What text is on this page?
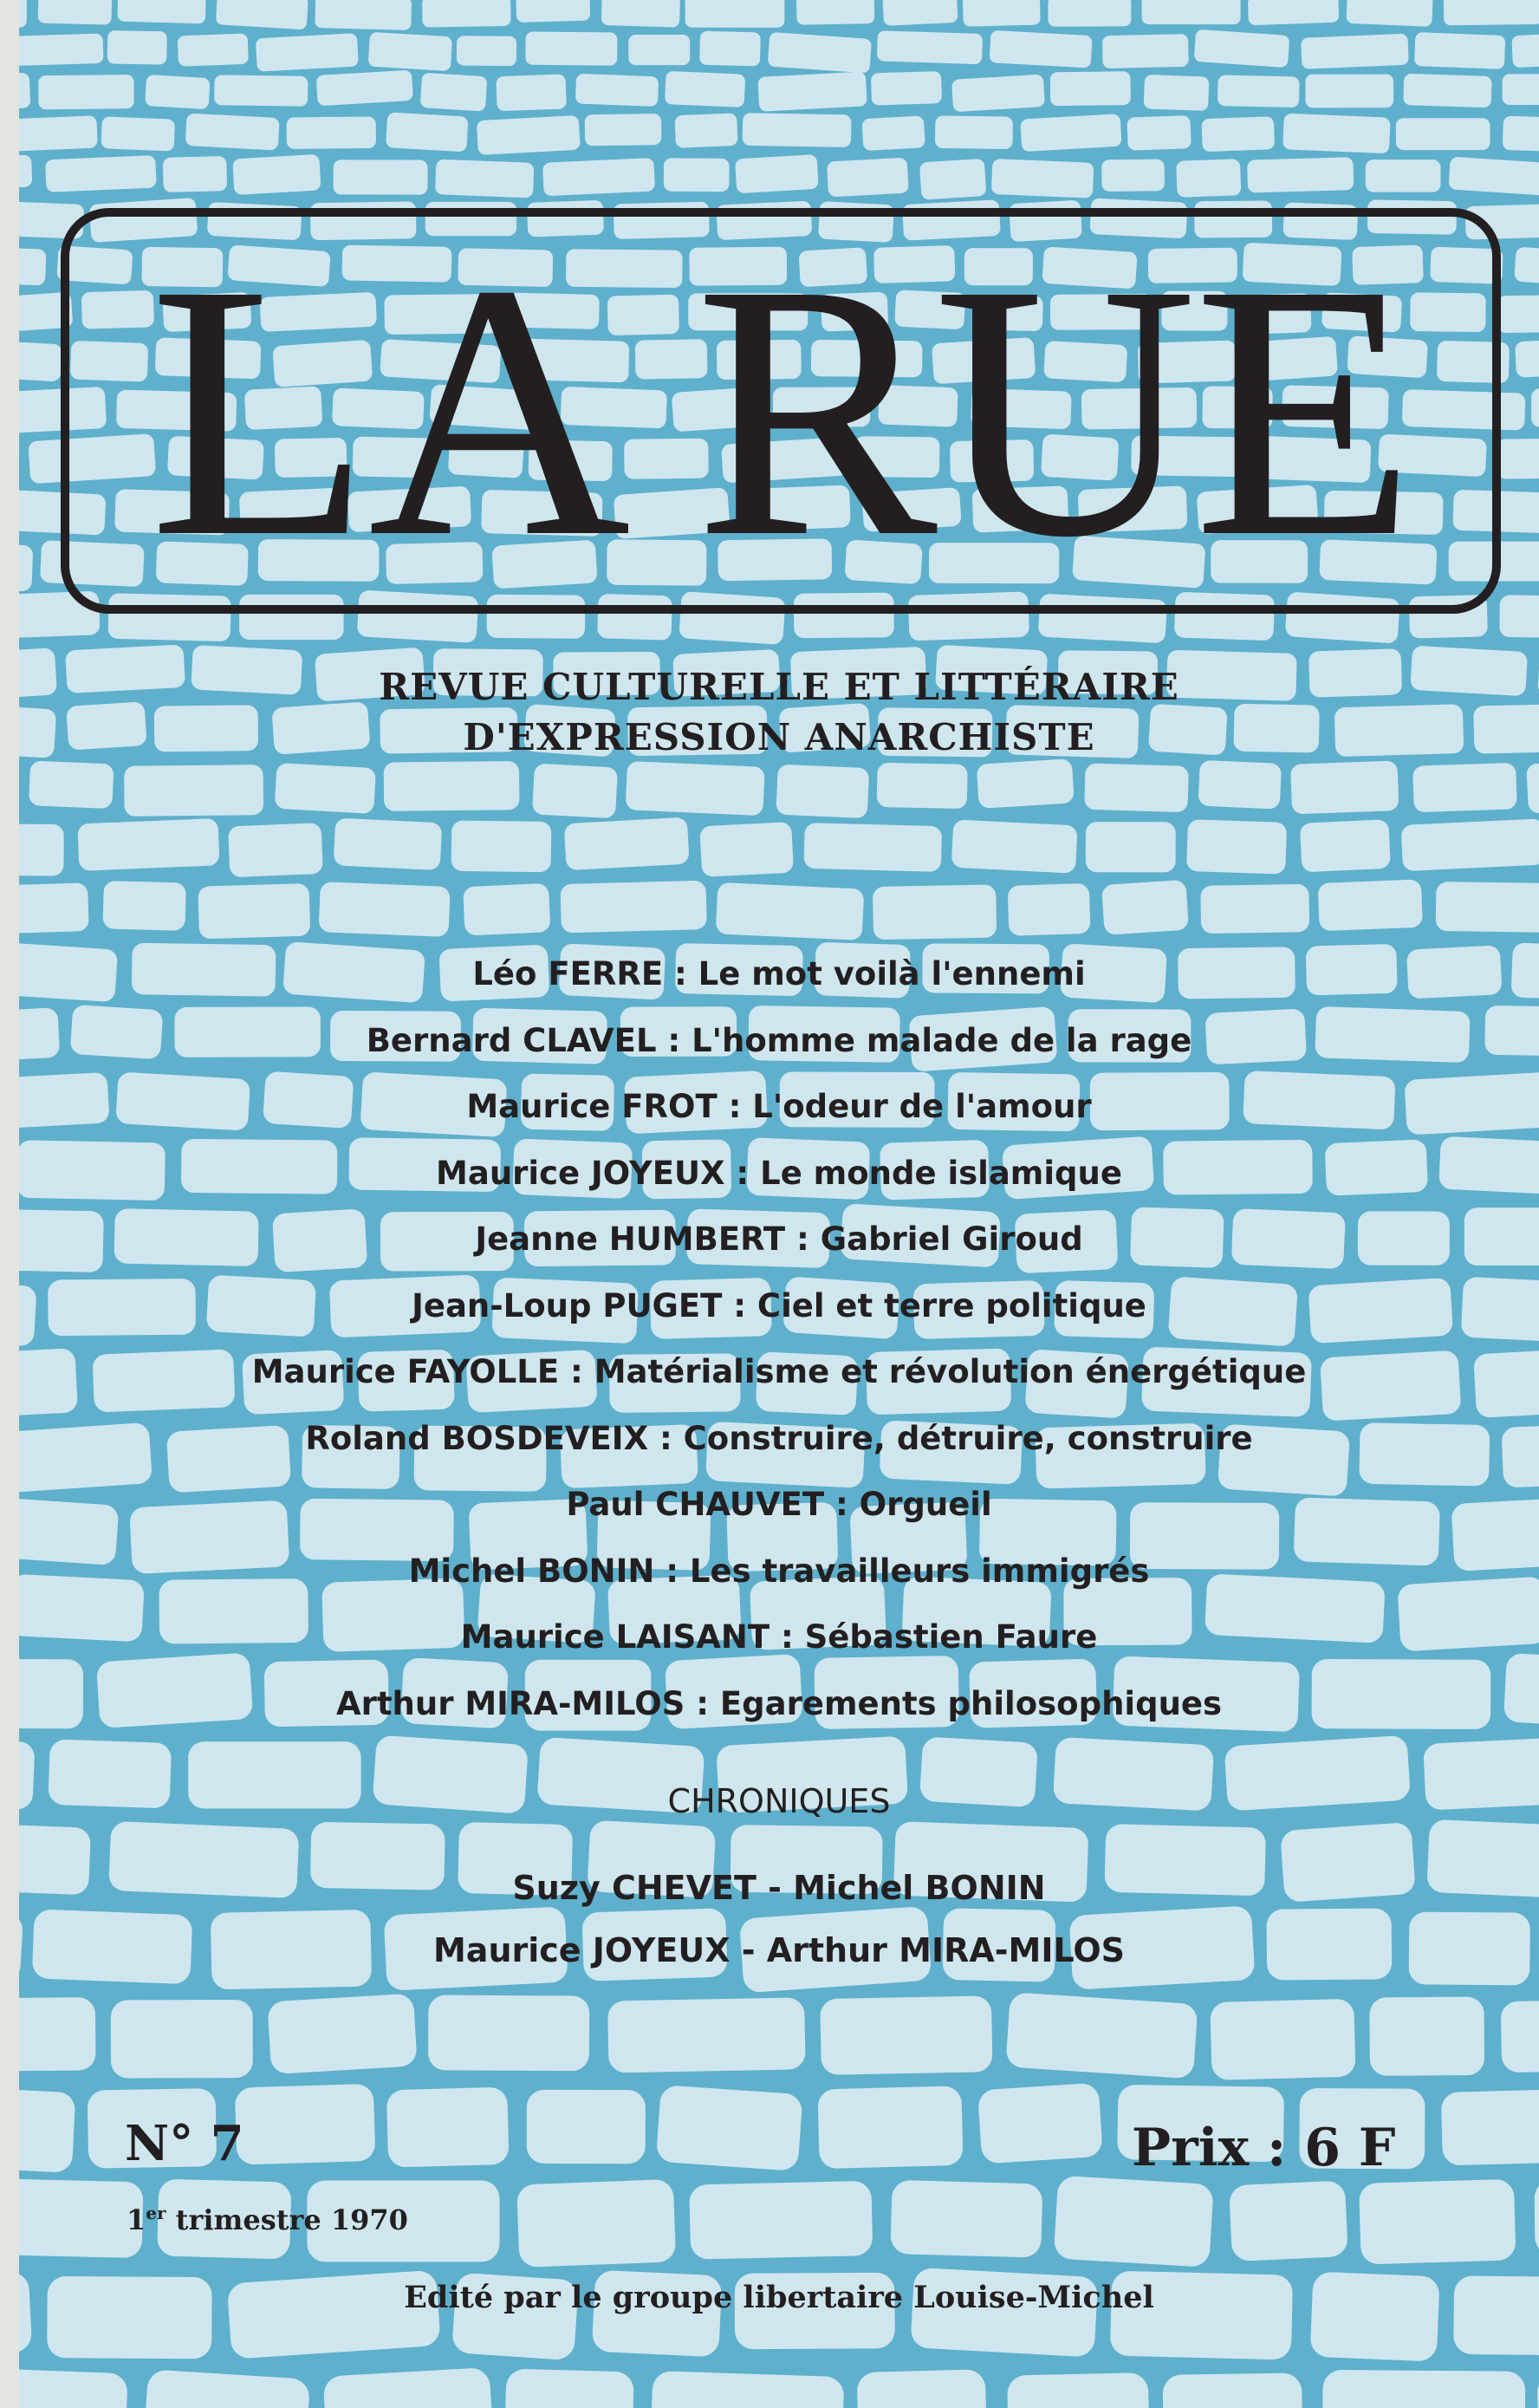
LA RUE
REVUE CULTURELLE ET LITTÉRAIRE
D'EXPRESSION ANARCHISTE
Léo FERRE : Le mot voilà l'ennemi
Bernard CLAVEL : L'homme malade de la rage
Maurice FROT : L'odeur de l'amour
Maurice JOYEUX : Le monde islamique
Jeanne HUMBERT : Gabriel Giroud
Jean-Loup PUGET : Ciel et terre politique
Maurice FAYOLLE : Matérialisme et révolution énergétique
Roland BOSDEVEIX : Construire, détruire, construire
Paul CHAUVET : Orgueil
Michel BONIN : Les travailleurs immigrés
Maurice LAISANT : Sébastien Faure
Arthur MIRA-MILOS : Egarements philosophiques
CHRONIQUES
Suzy CHEVET - Michel BONIN
Maurice JOYEUX - Arthur MIRA-MILOS
N° 7
1er trimestre 1970
Prix : 6 F
Edité par le groupe libertaire Louise-Michel
